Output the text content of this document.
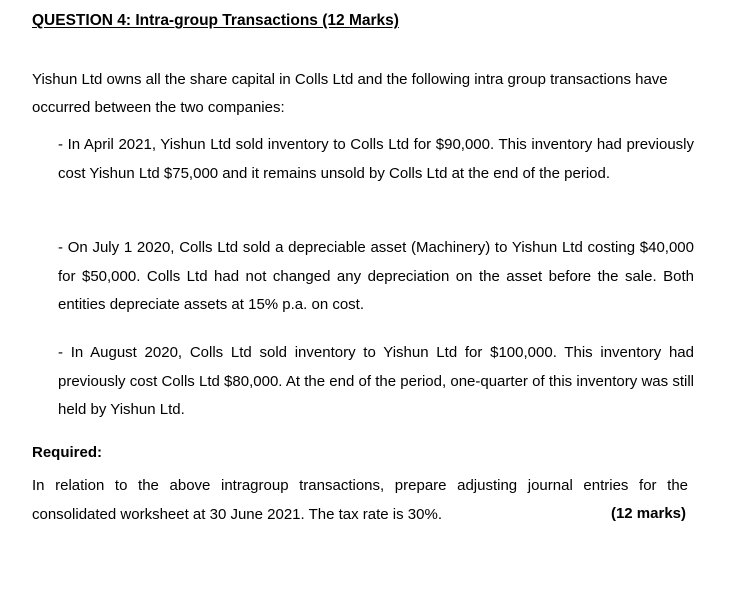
QUESTION 4: Intra-group Transactions (12 Marks)
Yishun Ltd owns all the share capital in Colls Ltd and the following intra group transactions have occurred between the two companies:
- In April 2021, Yishun Ltd sold inventory to Colls Ltd for $90,000. This inventory had previously cost Yishun Ltd $75,000 and it remains unsold by Colls Ltd at the end of the period.
- On July 1 2020, Colls Ltd sold a depreciable asset (Machinery) to Yishun Ltd costing $40,000 for $50,000. Colls Ltd had not changed any depreciation on the asset before the sale. Both entities depreciate assets at 15% p.a. on cost.
- In August 2020, Colls Ltd sold inventory to Yishun Ltd for $100,000. This inventory had previously cost Colls Ltd $80,000. At the end of the period, one-quarter of this inventory was still held by Yishun Ltd.
Required:
In relation to the above intragroup transactions, prepare adjusting journal entries for the consolidated worksheet at 30 June 2021. The tax rate is 30%.	(12 marks)
